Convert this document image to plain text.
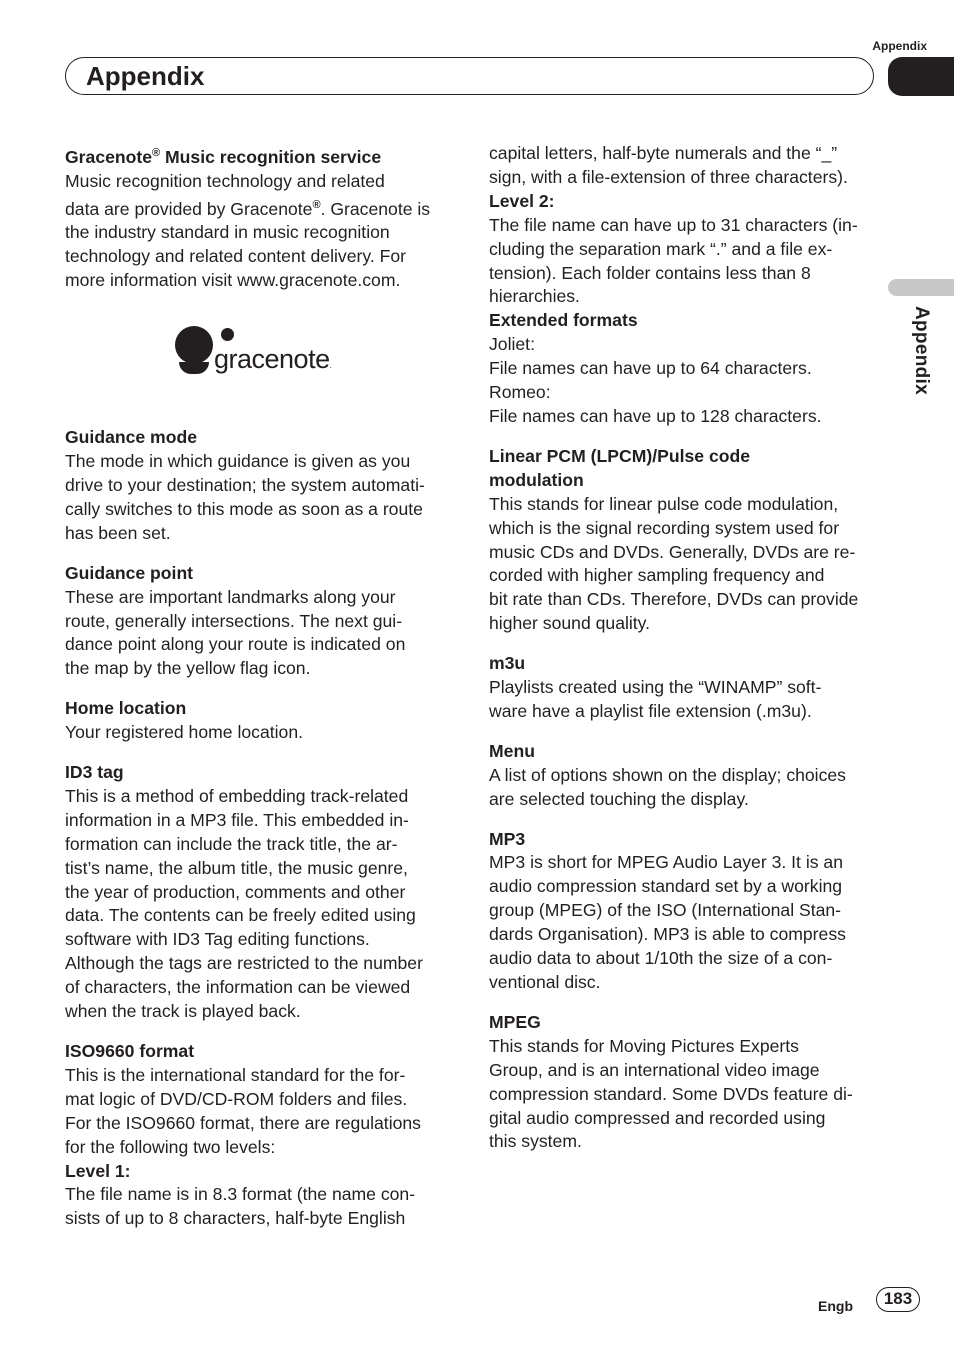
Appendix
Appendix
Appendix

Gracenote® Music recognition service

Music recognition technology and related

data are provided by Gracenote®. Gracenote is

the industry standard in music recognition

technology and related content delivery. For

more information visit www.gracenote.com.

gracenote.

Guidance mode

The mode in which guidance is given as you

drive to your destination; the system automati-

cally switches to this mode as soon as a route

has been set.

Guidance point

These are important landmarks along your

route, generally intersections. The next gui-

dance point along your route is indicated on

the map by the yellow flag icon.

Home location

Your registered home location.

ID3 tag

This is a method of embedding track-related

information in a MP3 file. This embedded in-

formation can include the track title, the ar-

tist’s name, the album title, the music genre,

the year of production, comments and other

data. The contents can be freely edited using

software with ID3 Tag editing functions.

Although the tags are restricted to the number

of characters, the information can be viewed

when the track is played back.

ISO9660 format

This is the international standard for the for-

mat logic of DVD/CD-ROM folders and files.

For the ISO9660 format, there are regulations

for the following two levels:

Level 1:

The file name is in 8.3 format (the name con-

sists of up to 8 characters, half-byte English

capital letters, half-byte numerals and the “_”

sign, with a file-extension of three characters).

Level 2:

The file name can have up to 31 characters (in-

cluding the separation mark “.” and a file ex-

tension). Each folder contains less than 8

hierarchies.

Extended formats

Joliet:

File names can have up to 64 characters.

Romeo:

File names can have up to 128 characters.

Linear PCM (LPCM)/Pulse code

modulation

This stands for linear pulse code modulation,

which is the signal recording system used for

music CDs and DVDs. Generally, DVDs are re-

corded with higher sampling frequency and

bit rate than CDs. Therefore, DVDs can provide

higher sound quality.

m3u

Playlists created using the “WINAMP” soft-

ware have a playlist file extension (.m3u).

Menu

A list of options shown on the display; choices

are selected touching the display.

MP3

MP3 is short for MPEG Audio Layer 3. It is an

audio compression standard set by a working

group (MPEG) of the ISO (International Stan-

dards Organisation). MP3 is able to compress

audio data to about 1/10th the size of a con-

ventional disc.

MPEG

This stands for Moving Pictures Experts

Group, and is an international video image

compression standard. Some DVDs feature di-

gital audio compressed and recorded using

this system.

Engb	183
